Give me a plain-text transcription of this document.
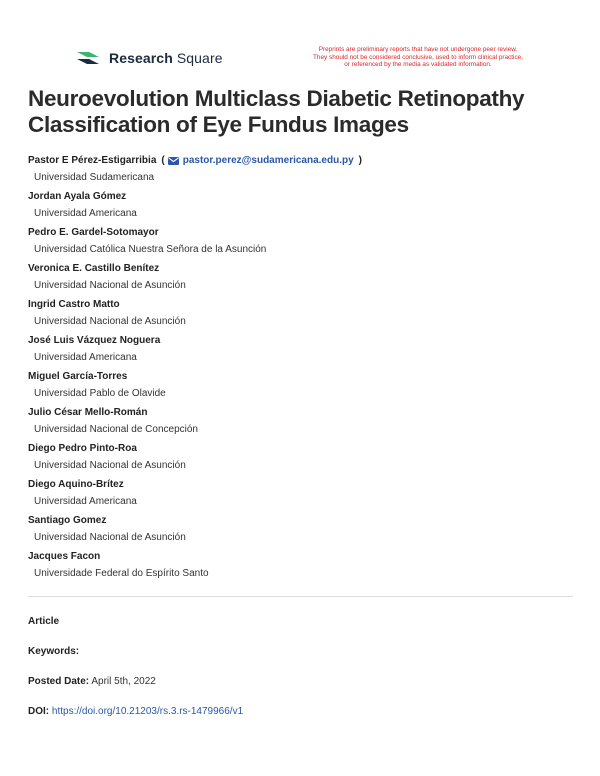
Research Square
Preprints are preliminary reports that have not undergone peer review.
They should not be considered conclusive, used to inform clinical practice,
or referenced by the media as validated information.
Neuroevolution Multiclass Diabetic Retinopathy
Classification of Eye Fundus Images
Pastor E Pérez-Estigarribia ( pastor.perez@sudamericana.edu.py )
Universidad Sudamericana
Jordan Ayala Gómez
Universidad Americana
Pedro E. Gardel-Sotomayor
Universidad Católica Nuestra Señora de la Asunción
Veronica E. Castillo Benítez
Universidad Nacional de Asunción
Ingrid Castro Matto
Universidad Nacional de Asunción
José Luis Vázquez Noguera
Universidad Americana
Miguel García-Torres
Universidad Pablo de Olavide
Julio César Mello-Román
Universidad Nacional de Concepción
Diego Pedro Pinto-Roa
Universidad Nacional de Asunción
Diego Aquino-Brítez
Universidad Americana
Santiago Gomez
Universidad Nacional de Asunción
Jacques Facon
Universidade Federal do Espírito Santo
Article
Keywords:
Posted Date: April 5th, 2022
DOI: https://doi.org/10.21203/rs.3.rs-1479966/v1
